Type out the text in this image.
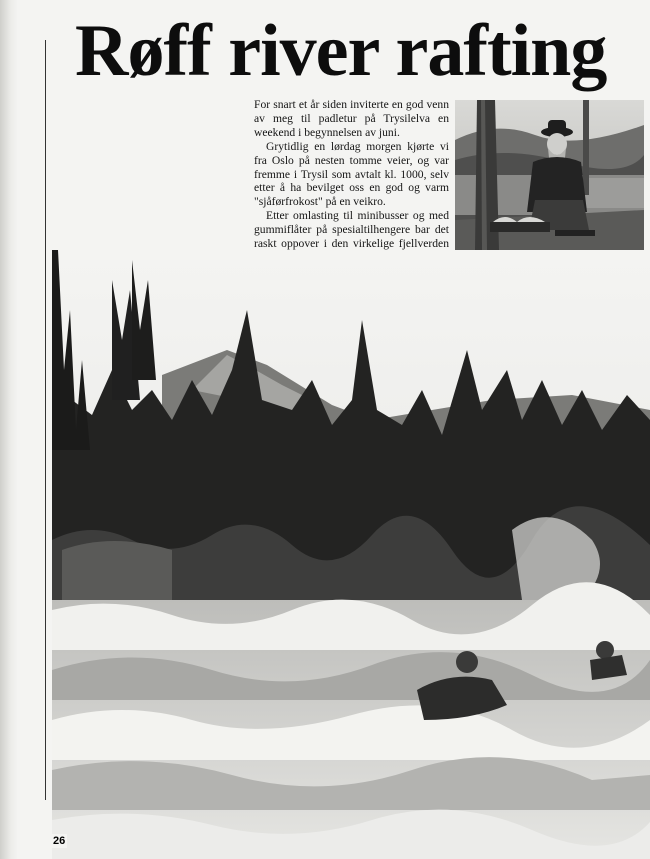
Røff river rafting

For snart et år siden inviterte en god venn av meg til padletur på Trysilelva en weekend i begynnelsen av juni.

Grytidlig en lørdag morgen kjørte vi fra Oslo på nesten tomme veier, og var fremme i Trysil som avtalt kl. 1000, selv etter å ha bevilget oss en god og varm "sjåførfrokost" på en veikro.

Etter omlasting til minibusser og med gummiflåter på spesialtilhengere bar det raskt oppover i den virkelige fjellverden

26
